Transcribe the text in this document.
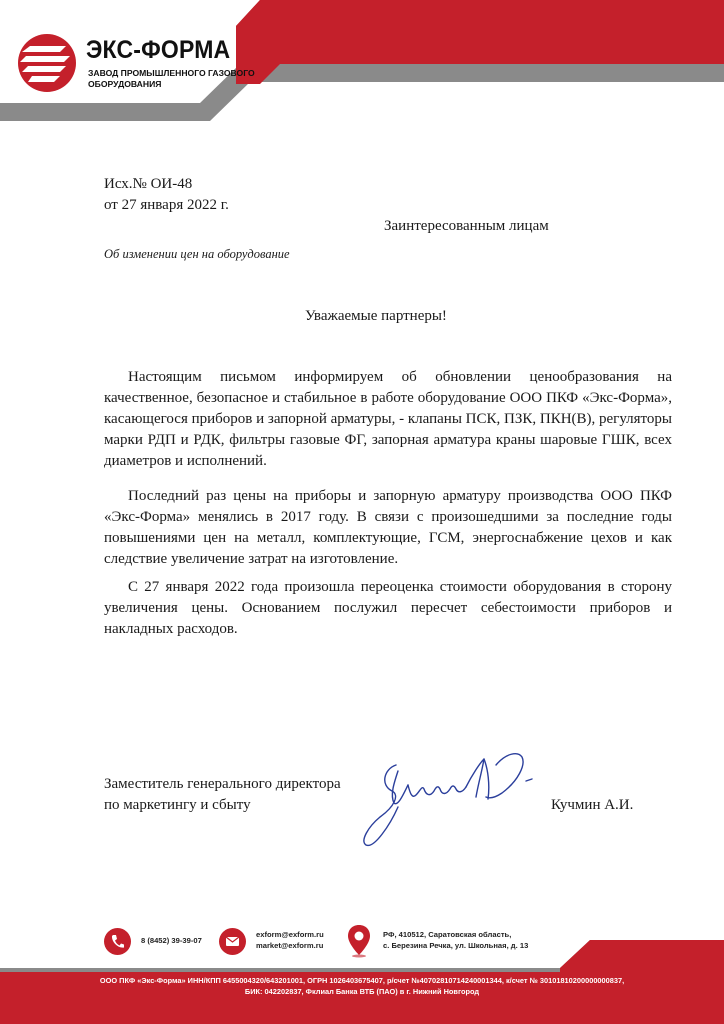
ЭКС-ФОРМА
ЗАВОД ПРОМЫШЛЕННОГО ГАЗОВОГО
ОБОРУДОВАНИЯ
Исх.№ ОИ-48
от 27 января 2022 г.
Заинтересованным лицам
Об изменении цен на оборудование
Уважаемые партнеры!
Настоящим письмом информируем об обновлении ценообразования на качественное, безопасное и стабильное в работе оборудование ООО ПКФ «Экс-Форма», касающегося приборов и запорной арматуры, - клапаны ПСК, ПЗК, ПКН(В), регуляторы марки РДП и РДК, фильтры газовые ФГ, запорная арматура краны шаровые ГШК, всех диаметров и исполнений.
Последний раз цены на приборы и запорную арматуру производства ООО ПКФ «Экс-Форма» менялись в 2017 году. В связи с произошедшими за последние годы повышениями цен на металл, комплектующие, ГСМ, энергоснабжение цехов и как следствие увеличение затрат на изготовление.
С 27 января 2022 года произошла переоценка стоимости оборудования в сторону увеличения цены. Основанием послужил пересчет себестоимости приборов и накладных расходов.
Заместитель генерального директора
по маркетингу и сбыту	Кучмин А.И.
8 (8452) 39-39-07
exform@exform.ru
market@exform.ru
РФ, 410512, Саратовская область,
с. Березина Речка, ул. Школьная, д. 13
ООО ПКФ «Экс-Форма» ИНН/КПП 6455004320/643201001, ОГРН 1026403675407, р/счет №40702810714240001344, к/счет № 30101810200000000837,
БИК: 042202837, Фклиал Банка ВТБ (ПАО) в г. Нижний Новгород
